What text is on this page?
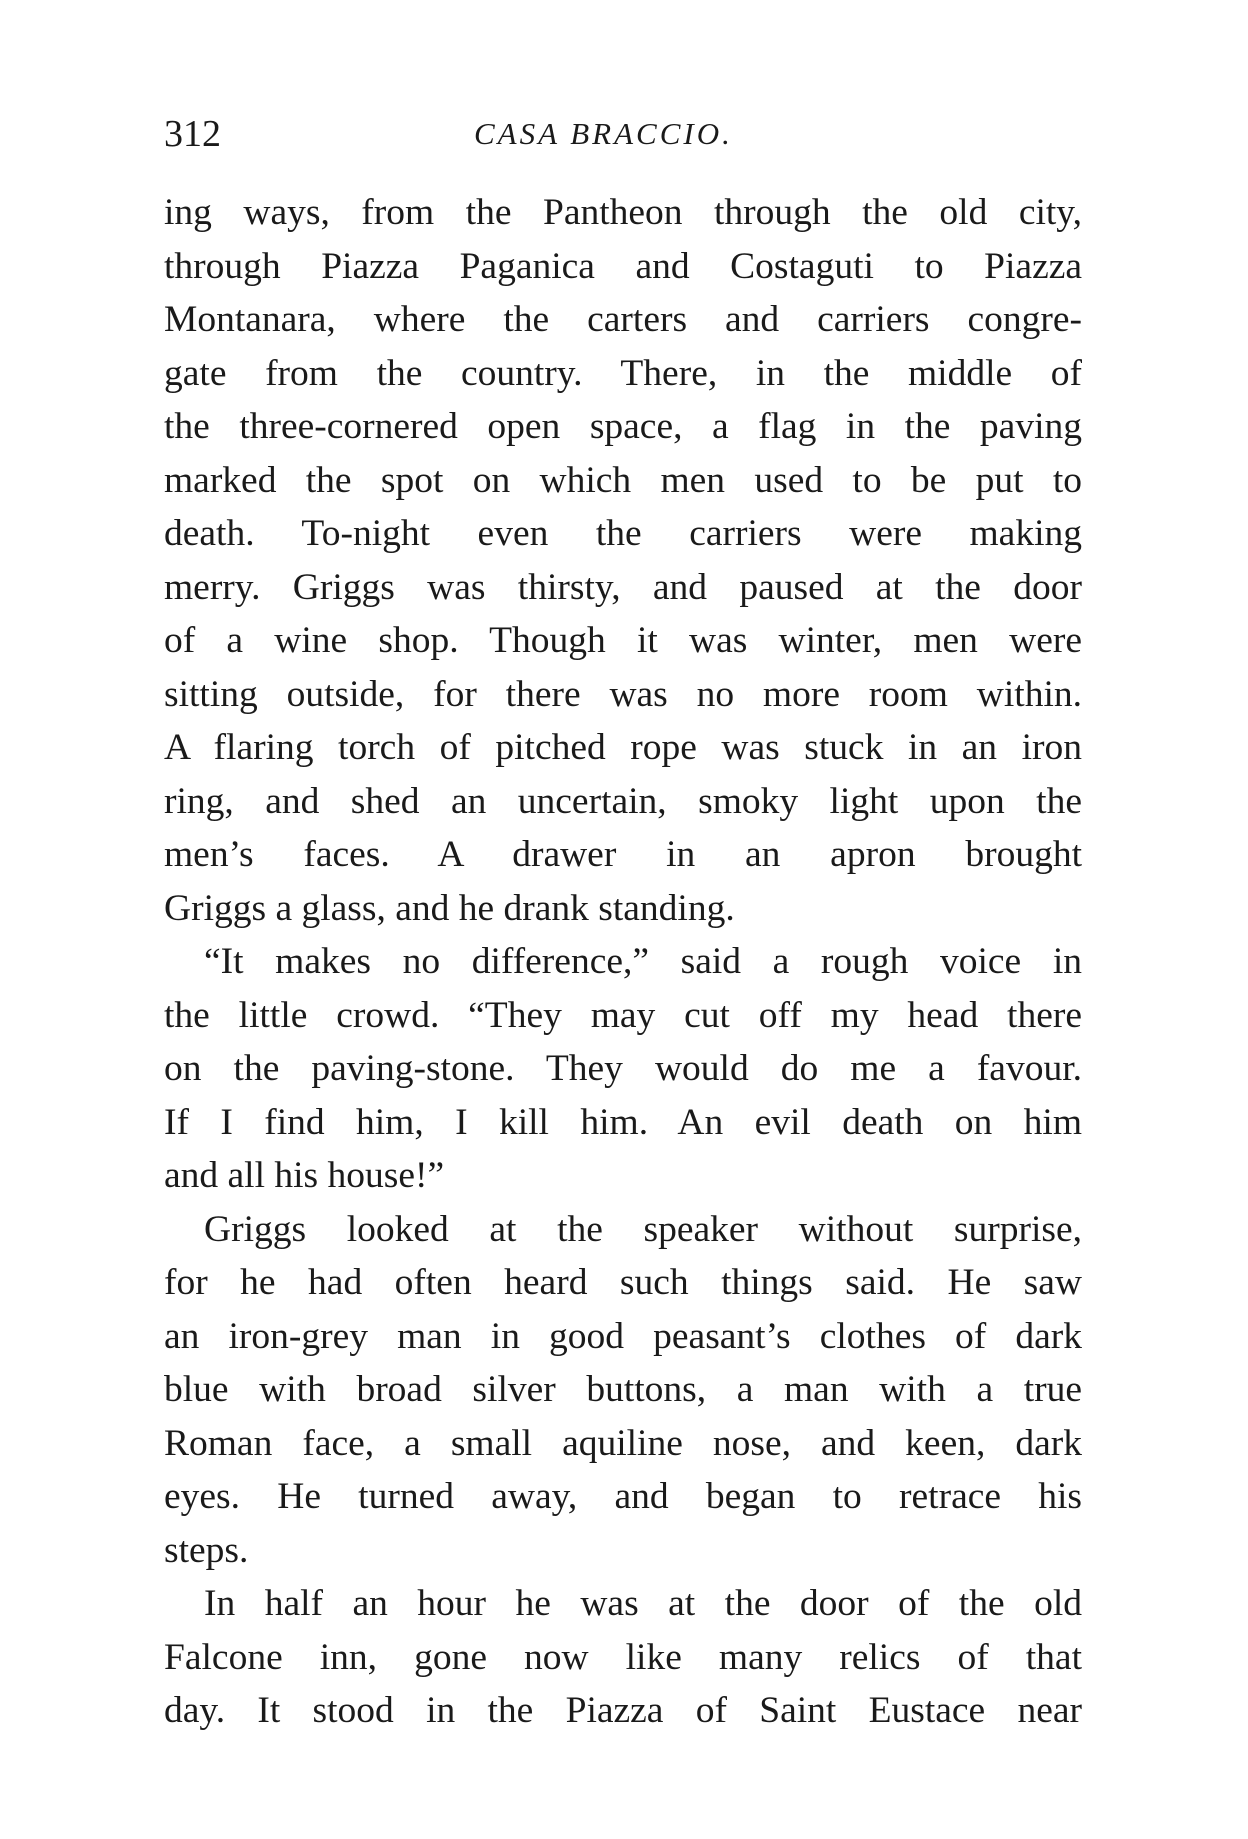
312	CASA BRACCIO.

ing ways, from the Pantheon through the old city,
through Piazza Paganica and Costaguti to Piazza
Montanara, where the carters and carriers congre-
gate from the country. There, in the middle of
the three-cornered open space, a flag in the paving
marked the spot on which men used to be put to
death. To-night even the carriers were making
merry. Griggs was thirsty, and paused at the door
of a wine shop. Though it was winter, men were
sitting outside, for there was no more room within.
A flaring torch of pitched rope was stuck in an iron
ring, and shed an uncertain, smoky light upon the
men’s faces. A drawer in an apron brought
Griggs a glass, and he drank standing.

“It makes no difference,” said a rough voice in
the little crowd. “They may cut off my head there
on the paving-stone. They would do me a favour.
If I find him, I kill him. An evil death on him
and all his house!”

Griggs looked at the speaker without surprise,
for he had often heard such things said. He saw
an iron-grey man in good peasant’s clothes of dark
blue with broad silver buttons, a man with a true
Roman face, a small aquiline nose, and keen, dark
eyes. He turned away, and began to retrace his
steps.

In half an hour he was at the door of the old
Falcone inn, gone now like many relics of that
day. It stood in the Piazza of Saint Eustace near
